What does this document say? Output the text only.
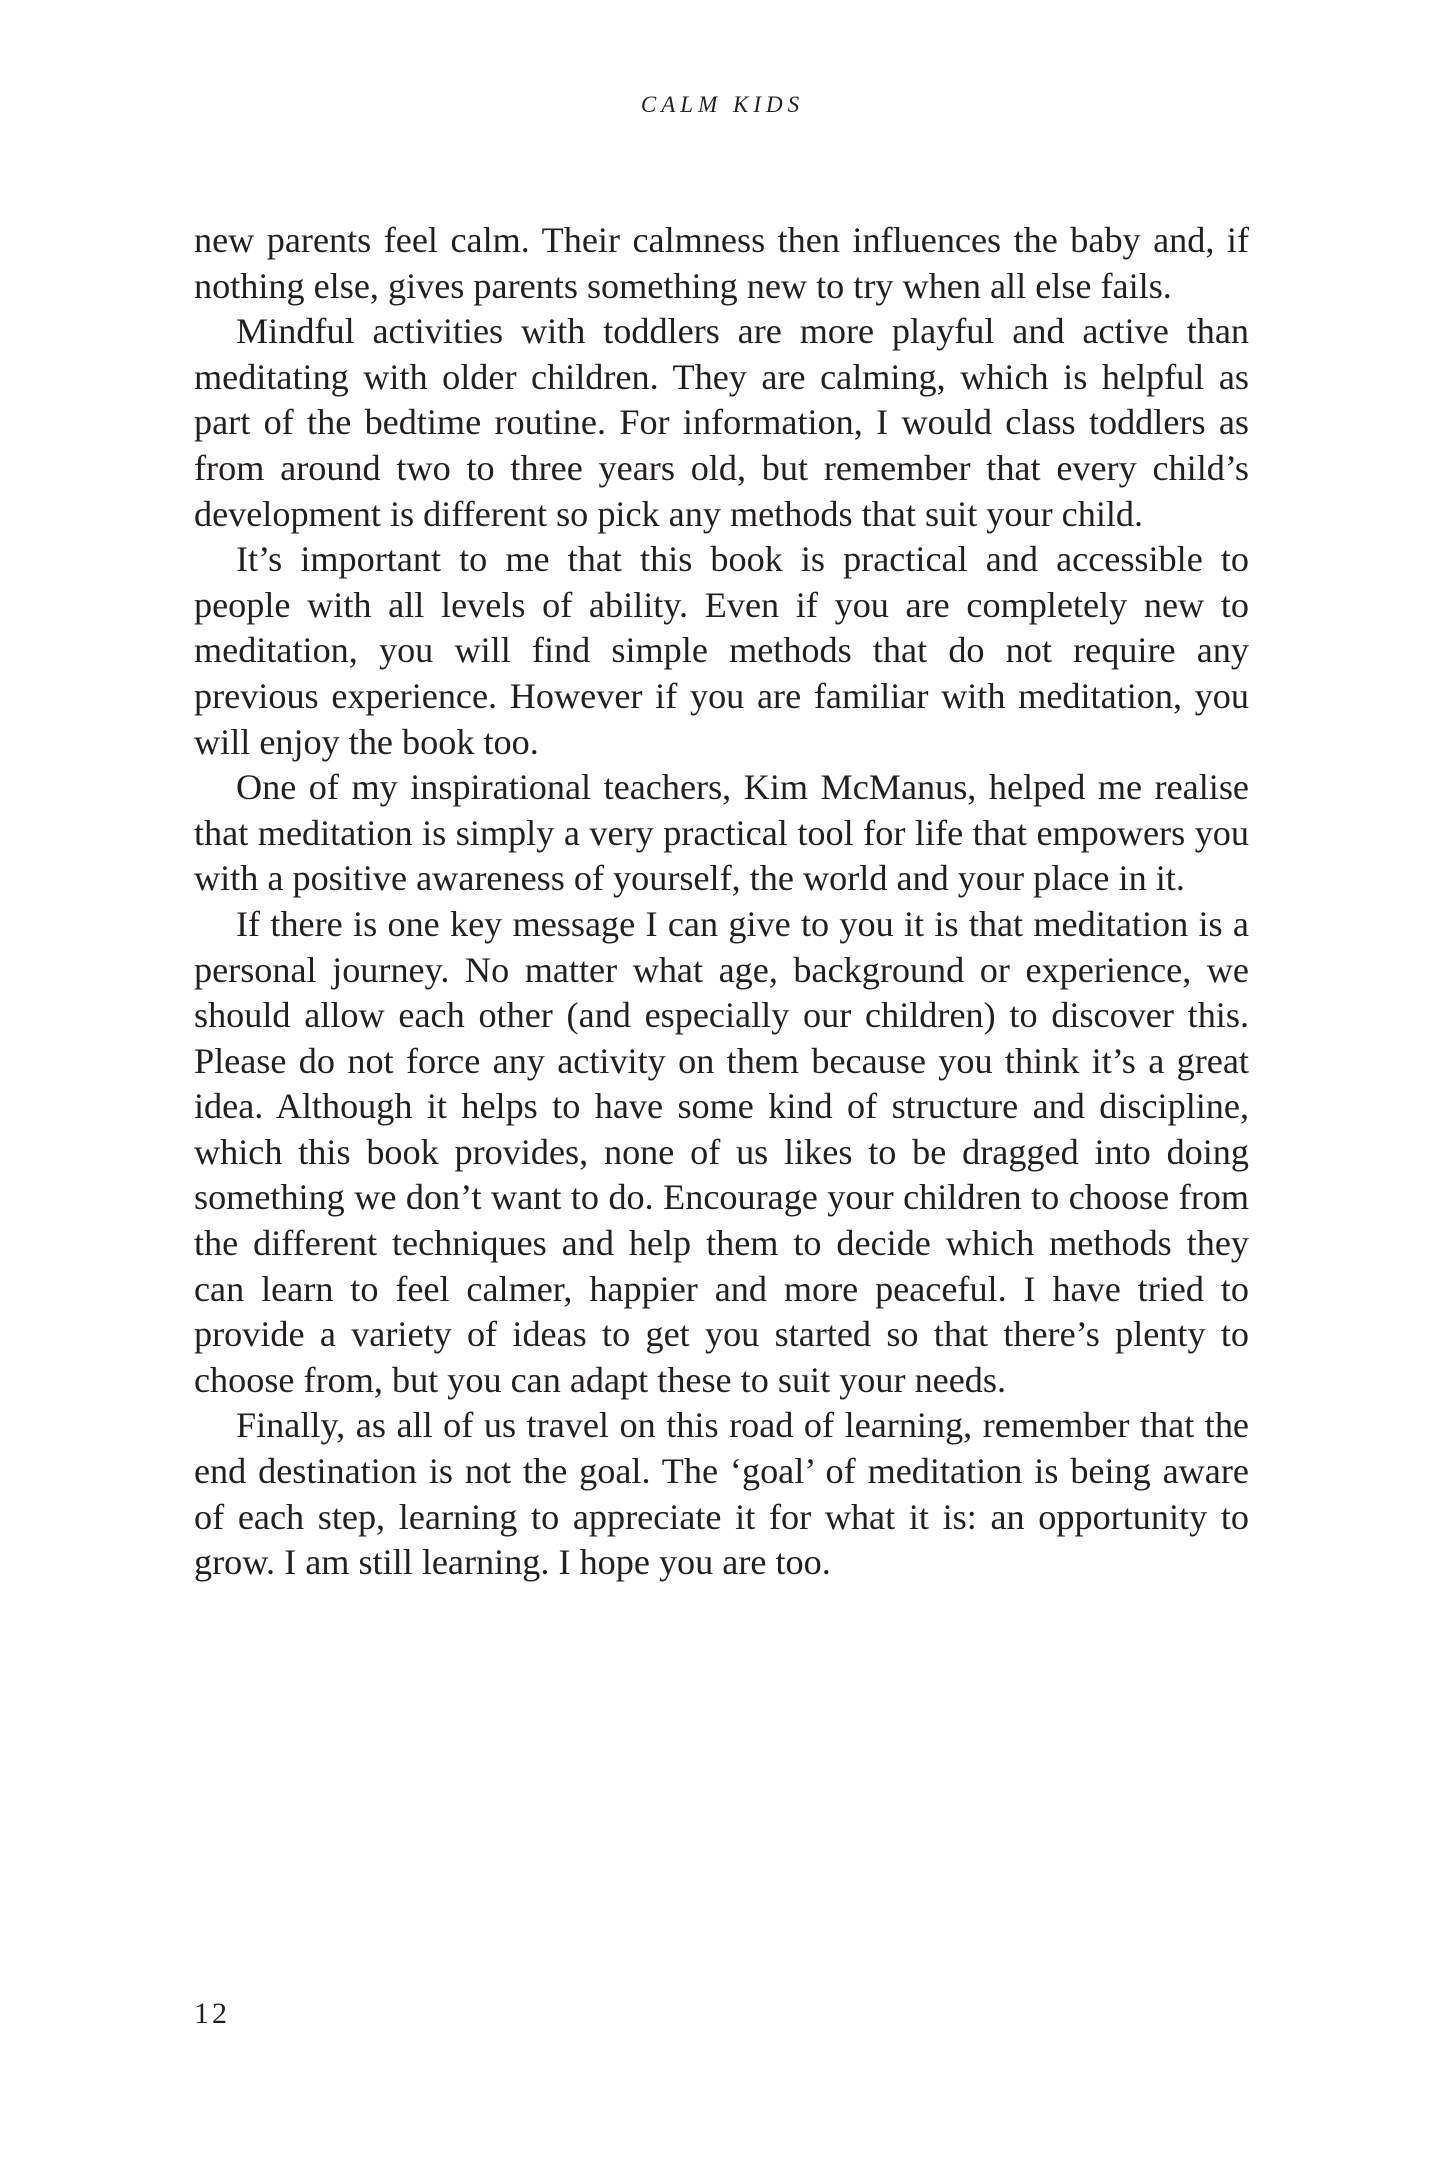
CALM KIDS

new parents feel calm. Their calmness then influences the baby and, if nothing else, gives parents something new to try when all else fails.

Mindful activities with toddlers are more playful and active than meditating with older children. They are calming, which is helpful as part of the bedtime routine. For information, I would class toddlers as from around two to three years old, but remember that every child’s development is different so pick any methods that suit your child.

It’s important to me that this book is practical and accessible to people with all levels of ability. Even if you are completely new to meditation, you will find simple methods that do not require any previous experience. However if you are familiar with meditation, you will enjoy the book too.

One of my inspirational teachers, Kim McManus, helped me realise that meditation is simply a very practical tool for life that empowers you with a positive awareness of yourself, the world and your place in it.

If there is one key message I can give to you it is that meditation is a personal journey. No matter what age, background or experience, we should allow each other (and especially our children) to discover this. Please do not force any activity on them because you think it’s a great idea. Although it helps to have some kind of structure and discipline, which this book provides, none of us likes to be dragged into doing something we don’t want to do. Encourage your children to choose from the different techniques and help them to decide which methods they can learn to feel calmer, happier and more peaceful. I have tried to provide a variety of ideas to get you started so that there’s plenty to choose from, but you can adapt these to suit your needs.

Finally, as all of us travel on this road of learning, remember that the end destination is not the goal. The ‘goal’ of meditation is being aware of each step, learning to appreciate it for what it is: an opportunity to grow. I am still learning. I hope you are too.

12
